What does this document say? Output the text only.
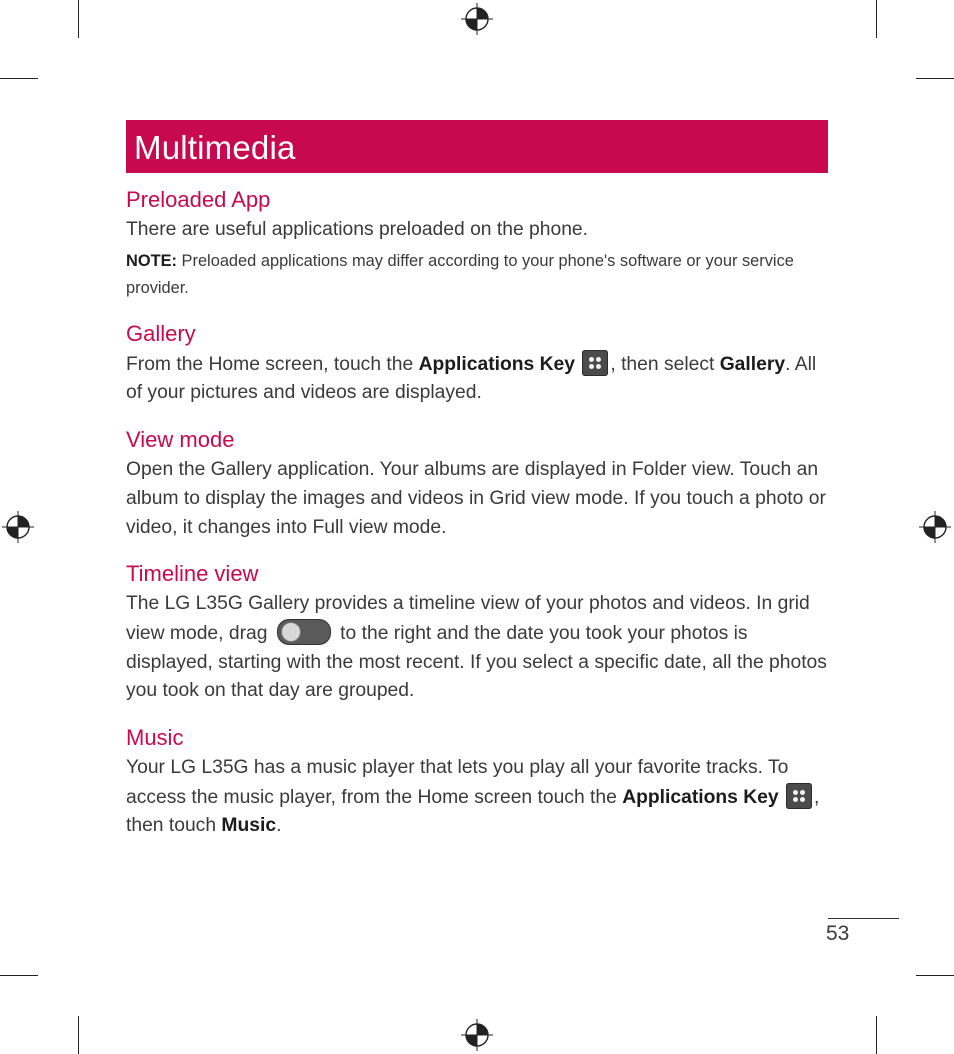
Multimedia
Preloaded App

There are useful applications preloaded on the phone.

NOTE: Preloaded applications may differ according to your phone's software or your service provider.

Gallery

From the Home screen, touch the Applications Key , then select Gallery. All of your pictures and videos are displayed.

View mode

Open the Gallery application. Your albums are displayed in Folder view. Touch an album to display the images and videos in Grid view mode. If you touch a photo or video, it changes into Full view mode.

Timeline view

The LG L35G Gallery provides a timeline view of your photos and videos. In grid view mode, drag	to the right and the date you took your photos is displayed, starting with the most recent. If you select a specific date, all the photos you took on that day are grouped.

Music

Your LG L35G has a music player that lets you play all your favorite tracks. To access the music player, from the Home screen touch the Applications Key , then touch Music.

53
